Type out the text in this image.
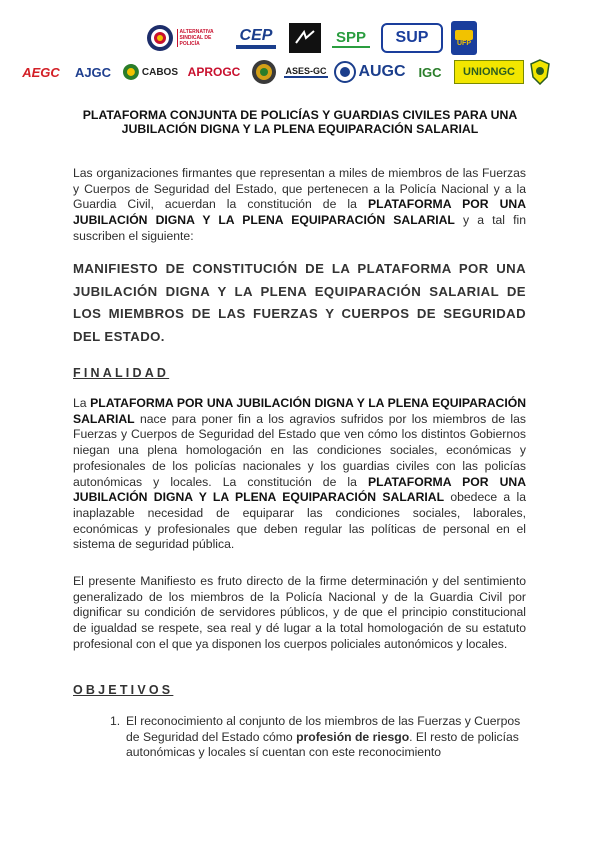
ALTERNATIVA SINDICAL DE POLICÍA	CEP	SPP SUP	UFP
AEGC AJGC	CABOS APROGC	ASES-GC AUGC IGC UNIONGC
PLATAFORMA CONJUNTA DE POLICÍAS Y GUARDIAS CIVILES PARA UNA
JUBILACIÓN DIGNA Y LA PLENA EQUIPARACIÓN SALARIAL
Las organizaciones firmantes que representan a miles de miembros de las Fuerzas y Cuerpos de Seguridad del Estado, que pertenecen a la Policía Nacional y a la Guardia Civil, acuerdan la constitución de la PLATAFORMA POR UNA JUBILACIÓN DIGNA Y LA PLENA EQUIPARACIÓN SALARIAL y a tal fin suscriben el siguiente:
MANIFIESTO DE CONSTITUCIÓN DE LA PLATAFORMA POR UNA JUBILACIÓN DIGNA Y LA PLENA EQUIPARACIÓN SALARIAL DE LOS MIEMBROS DE LAS FUERZAS Y CUERPOS DE SEGURIDAD DEL ESTADO.
FINALIDAD
La PLATAFORMA POR UNA JUBILACIÓN DIGNA Y LA PLENA EQUIPARACIÓN SALARIAL nace para poner fin a los agravios sufridos por los miembros de las Fuerzas y Cuerpos de Seguridad del Estado que ven cómo los distintos Gobiernos niegan una plena homologación en las condiciones sociales, económicas y profesionales de los policías nacionales y los guardias civiles con las policías autonómicas y locales. La constitución de la PLATAFORMA POR UNA JUBILACIÓN DIGNA Y LA PLENA EQUIPARACIÓN SALARIAL obedece a la inaplazable necesidad de equiparar las condiciones sociales, laborales, económicas y profesionales que deben regular las políticas de personal en el sistema de seguridad pública.
El presente Manifiesto es fruto directo de la firme determinación y del sentimiento generalizado de los miembros de la Policía Nacional y de la Guardia Civil por dignificar su condición de servidores públicos, y de que el principio constitucional de igualdad se respete, sea real y dé lugar a la total homologación de su estatuto profesional con el que ya disponen los cuerpos policiales autonómicos y locales.
OBJETIVOS
1. El reconocimiento al conjunto de los miembros de las Fuerzas y Cuerpos de Seguridad del Estado cómo profesión de riesgo. El resto de policías autonómicas y locales sí cuentan con este reconocimiento
